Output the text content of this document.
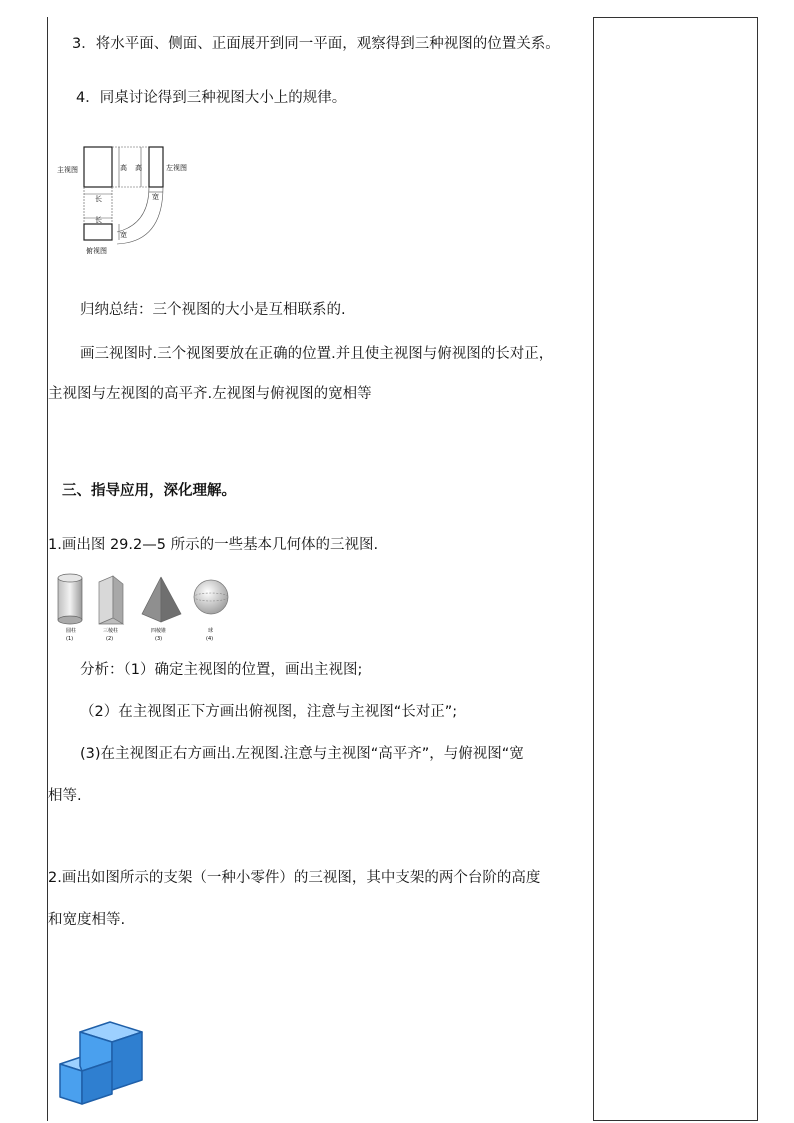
3．将水平面、侧面、正面展开到同一平面，观察得到三种视图的位置关系。
4．同桌讨论得到三种视图大小上的规律。
主视图	左视图
俯视图
长
长
高 高
宽
宽
归纳总结：三个视图的大小是互相联系的.
画三视图时.三个视图要放在正确的位置.并且使主视图与俯视图的长对正，
主视图与左视图的高平齐.左视图与俯视图的宽相等
三、指导应用，深化理解。
1.画出图 29.2—5 所示的一些基本几何体的三视图.
圆柱
(1)
三棱柱
(2)
四棱锥
(3)
球
(4)
分析：（1）确定主视图的位置，画出主视图;
（2）在主视图正下方画出俯视图，注意与主视图“长对正”;
(3)在主视图正右方画出.左视图.注意与主视图“高平齐”，与俯视图“宽
相等.
2.画出如图所示的支架（一种小零件）的三视图，其中支架的两个台阶的高度
和宽度相等.
